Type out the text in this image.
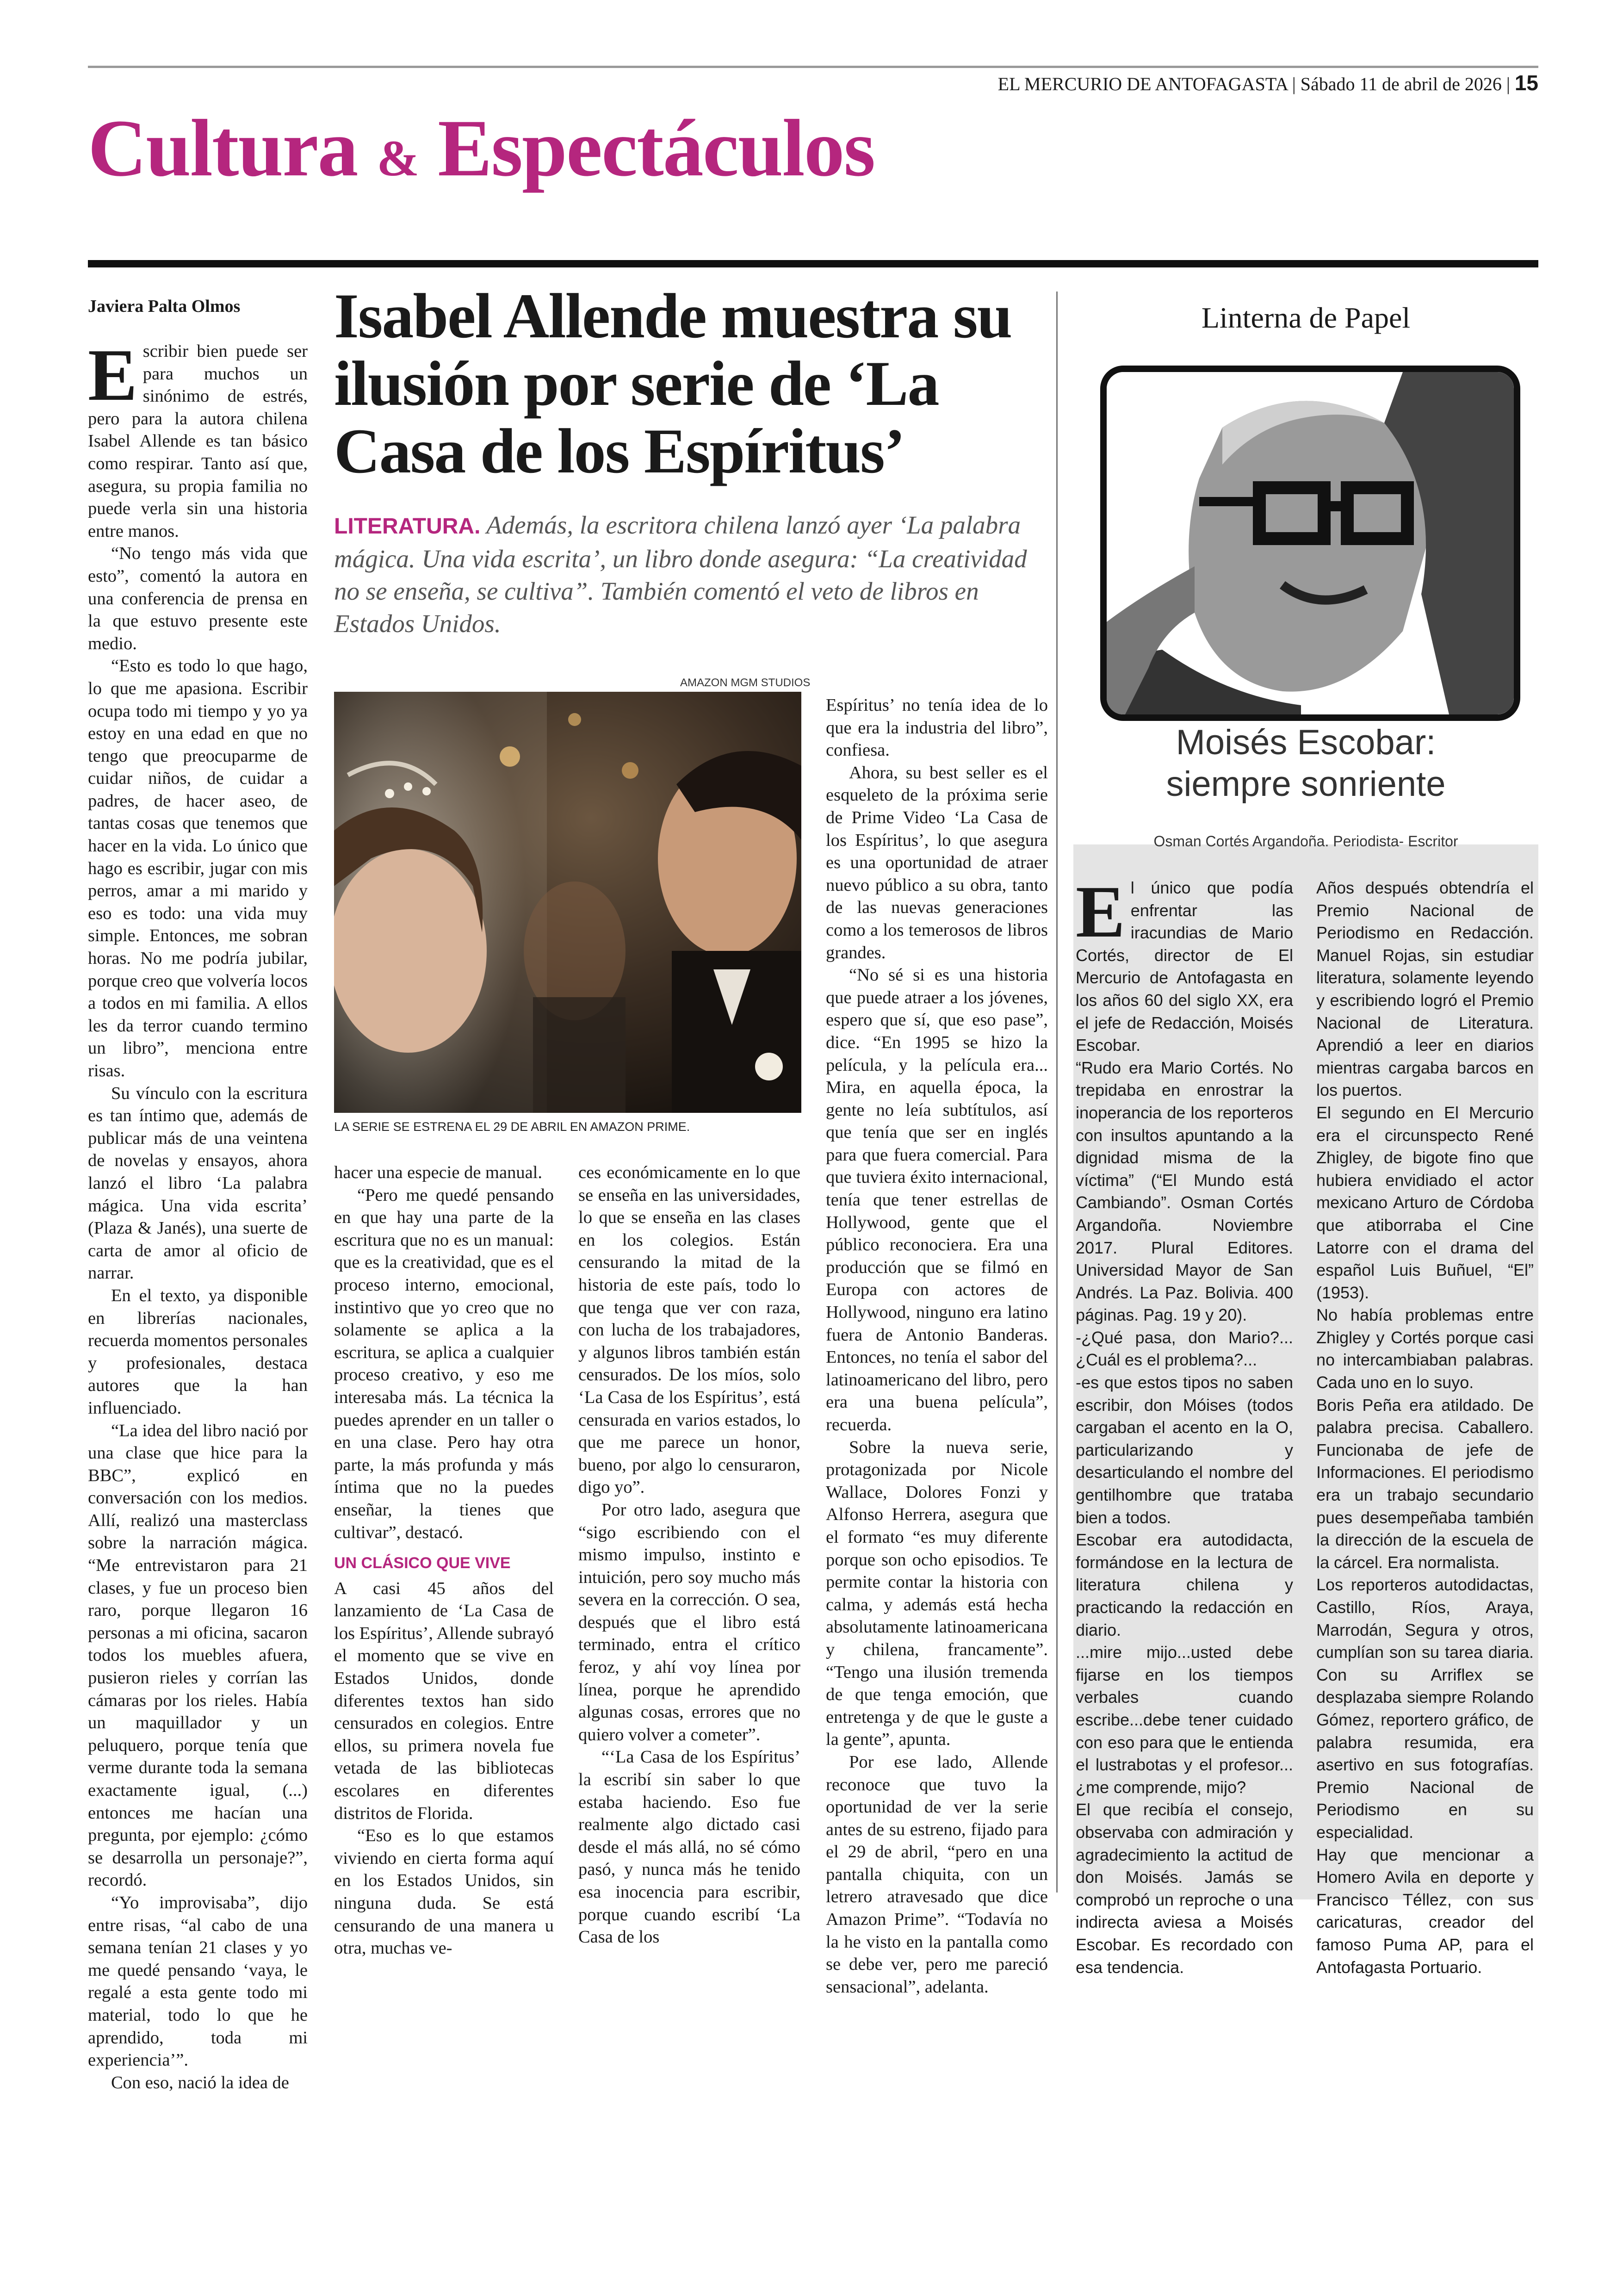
EL MERCURIO DE ANTOFAGASTA | Sábado 11 de abril de 2026 | 15
Cultura & Espectáculos
Javiera Palta Olmos
E scribir bien puede ser para muchos un sinónimo de estrés, pero para la autora chilena Isabel Allende es tan básico como respirar. Tanto así que, asegura, su propia familia no puede verla sin una historia entre manos.

“No tengo más vida que esto”, comentó la autora en una conferencia de prensa en la que estuvo presente este medio.

“Esto es todo lo que hago, lo que me apasiona. Escribir ocupa todo mi tiempo y yo ya estoy en una edad en que no tengo que preocuparme de cuidar niños, de cuidar a padres, de hacer aseo, de tantas cosas que tenemos que hacer en la vida. Lo único que hago es escribir, jugar con mis perros, amar a mi marido y eso es todo: una vida muy simple. Entonces, me sobran horas. No me podría jubilar, porque creo que volvería locos a todos en mi familia. A ellos les da terror cuando termino un libro”, menciona entre risas.

Su vínculo con la escritura es tan íntimo que, además de publicar más de una veintena de novelas y ensayos, ahora lanzó el libro ‘La palabra mágica. Una vida escrita’ (Plaza & Janés), una suerte de carta de amor al oficio de narrar.

En el texto, ya disponible en librerías nacionales, recuerda momentos personales y profesionales, destaca autores que la han influenciado.

“La idea del libro nació por una clase que hice para la BBC”, explicó en conversación con los medios. Allí, realizó una masterclass sobre la narración mágica. “Me entrevistaron para 21 clases, y fue un proceso bien raro, porque llegaron 16 personas a mi oficina, sacaron todos los muebles afuera, pusieron rieles y corrían las cámaras por los rieles. Había un maquillador y un peluquero, porque tenía que verme durante toda la semana exactamente igual, (...) entonces me hacían una pregunta, por ejemplo: ¿cómo se desarrolla un personaje?”, recordó.

“Yo improvisaba”, dijo entre risas, “al cabo de una semana tenían 21 clases y yo me quedé pensando ‘vaya, le regalé a esta gente todo mi material, todo lo que he aprendido, toda mi experiencia’”.

Con eso, nació la idea de

Isabel Allende muestra su ilusión por serie de ‘La Casa de los Espíritus’
LITERATURA. Además, la escritora chilena lanzó ayer ‘La palabra mágica. Una vida escrita’, un libro donde asegura: “La creatividad no se enseña, se cultiva”. También comentó el veto de libros en Estados Unidos.
AMAZON MGM STUDIOS
LA SERIE SE ESTRENA EL 29 DE ABRIL EN AMAZON PRIME.

hacer una especie de manual.

“Pero me quedé pensando en que hay una parte de la escritura que no es un manual: que es la creatividad, que es el proceso interno, emocional, instintivo que yo creo que no solamente se aplica a la escritura, se aplica a cualquier proceso creativo, y eso me interesaba más. La técnica la puedes aprender en un taller o en una clase. Pero hay otra parte, la más profunda y más íntima que no la puedes enseñar, la tienes que cultivar”, destacó.

UN CLÁSICO QUE VIVE

A casi 45 años del lanzamiento de ‘La Casa de los Espíritus’, Allende subrayó el momento que se vive en Estados Unidos, donde diferentes textos han sido censurados en colegios. Entre ellos, su primera novela fue vetada de las bibliotecas escolares en diferentes distritos de Florida.

“Eso es lo que estamos viviendo en cierta forma aquí en los Estados Unidos, sin ninguna duda. Se está censurando de una manera u otra, muchas ve-

ces económicamente en lo que se enseña en las universidades, lo que se enseña en las clases en los colegios. Están censurando la mitad de la historia de este país, todo lo que tenga que ver con raza, con lucha de los trabajadores, y algunos libros también están censurados. De los míos, solo ‘La Casa de los Espíritus’, está censurada en varios estados, lo que me parece un honor, bueno, por algo lo censuraron, digo yo”.

Por otro lado, asegura que “sigo escribiendo con el mismo impulso, instinto e intuición, pero soy mucho más severa en la corrección. O sea, después que el libro está terminado, entra el crítico feroz, y ahí voy línea por línea, porque he aprendido algunas cosas, errores que no quiero volver a cometer”.

“‘La Casa de los Espíritus’ la escribí sin saber lo que estaba haciendo. Eso fue realmente algo dictado casi desde el más allá, no sé cómo pasó, y nunca más he tenido esa inocencia para escribir, porque cuando escribí ‘La Casa de los

Espíritus’ no tenía idea de lo que era la industria del libro”, confiesa.

Ahora, su best seller es el esqueleto de la próxima serie de Prime Video ‘La Casa de los Espíritus’, lo que asegura es una oportunidad de atraer nuevo público a su obra, tanto de las nuevas generaciones como a los temerosos de libros grandes.

“No sé si es una historia que puede atraer a los jóvenes, espero que sí, que eso pase”, dice. “En 1995 se hizo la película, y la película era... Mira, en aquella época, la gente no leía subtítulos, así que tenía que ser en inglés para que fuera comercial. Para que tuviera éxito internacional, tenía que tener estrellas de Hollywood, gente que el público reconociera. Era una producción que se filmó en Europa con actores de Hollywood, ninguno era latino fuera de Antonio Banderas. Entonces, no tenía el sabor del latinoamericano del libro, pero era una buena película”, recuerda.

Sobre la nueva serie, protagonizada por Nicole Wallace, Dolores Fonzi y Alfonso Herrera, asegura que el formato “es muy diferente porque son ocho episodios. Te permite contar la historia con calma, y además está hecha absolutamente latinoamericana y chilena, francamente”. “Tengo una ilusión tremenda de que tenga emoción, que entretenga y de que le guste a la gente”, apunta.

Por ese lado, Allende reconoce que tuvo la oportunidad de ver la serie antes de su estreno, fijado para el 29 de abril, “pero en una pantalla chiquita, con un letrero atravesado que dice Amazon Prime”. “Todavía no la he visto en la pantalla como se debe ver, pero me pareció sensacional”, adelanta.

Linterna de Papel
Moisés Escobar:
siempre sonriente
Osman Cortés Argandoña. Periodista- Escritor
E l único que podía enfrentar las iracundias de Mario Cortés, director de El Mercurio de Antofagasta en los años 60 del siglo XX, era el jefe de Redacción, Moisés Escobar.

“Rudo era Mario Cortés. No trepidaba en enrostrar la inoperancia de los reporteros con insultos apuntando a la dignidad misma de la víctima” (“El Mundo está Cambiando”. Osman Cortés Argandoña. Noviembre 2017. Plural Editores. Universidad Mayor de San Andrés. La Paz. Bolivia. 400 páginas. Pag. 19 y 20).

-¿Qué pasa, don Mario?...¿Cuál es el problema?...

-es que estos tipos no saben escribir, don Móises (todos cargaban el acento en la O, particularizando y desarticulando el nombre del gentilhombre que trataba bien a todos.

Escobar era autodidacta, formándose en la lectura de literatura chilena y practicando la redacción en diario.

...mire mijo...usted debe fijarse en los tiempos verbales cuando escribe...debe tener cuidado con eso para que le entienda el lustrabotas y el profesor... ¿me comprende, mijo?

El que recibía el consejo, observaba con admiración y agradecimiento la actitud de don Moisés. Jamás se comprobó un reproche o una indirecta aviesa a Moisés Escobar. Es recordado con esa tendencia.

Años después obtendría el Premio Nacional de Periodismo en Redacción. Manuel Rojas, sin estudiar literatura, solamente leyendo y escribiendo logró el Premio Nacional de Literatura. Aprendió a leer en diarios mientras cargaba barcos en los puertos.

El segundo en El Mercurio era el circunspecto René Zhigley, de bigote fino que hubiera envidiado el actor mexicano Arturo de Córdoba que atiborraba el Cine Latorre con el drama del español Luis Buñuel, “El” (1953).

No había problemas entre Zhigley y Cortés porque casi no intercambiaban palabras. Cada uno en lo suyo.

Boris Peña era atildado. De palabra precisa. Caballero. Funcionaba de jefe de Informaciones. El periodismo era un trabajo secundario pues desempeñaba también la dirección de la escuela de la cárcel. Era normalista.

Los reporteros autodidactas, Castillo, Ríos, Araya, Marrodán, Segura y otros, cumplían son su tarea diaria. Con su Arriflex se desplazaba siempre Rolando Gómez, reportero gráfico, de palabra resumida, era asertivo en sus fotografías. Premio Nacional de Periodismo en su especialidad.

Hay que mencionar a Homero Avila en deporte y Francisco Téllez, con sus caricaturas, creador del famoso Puma AP, para el Antofagasta Portuario.
